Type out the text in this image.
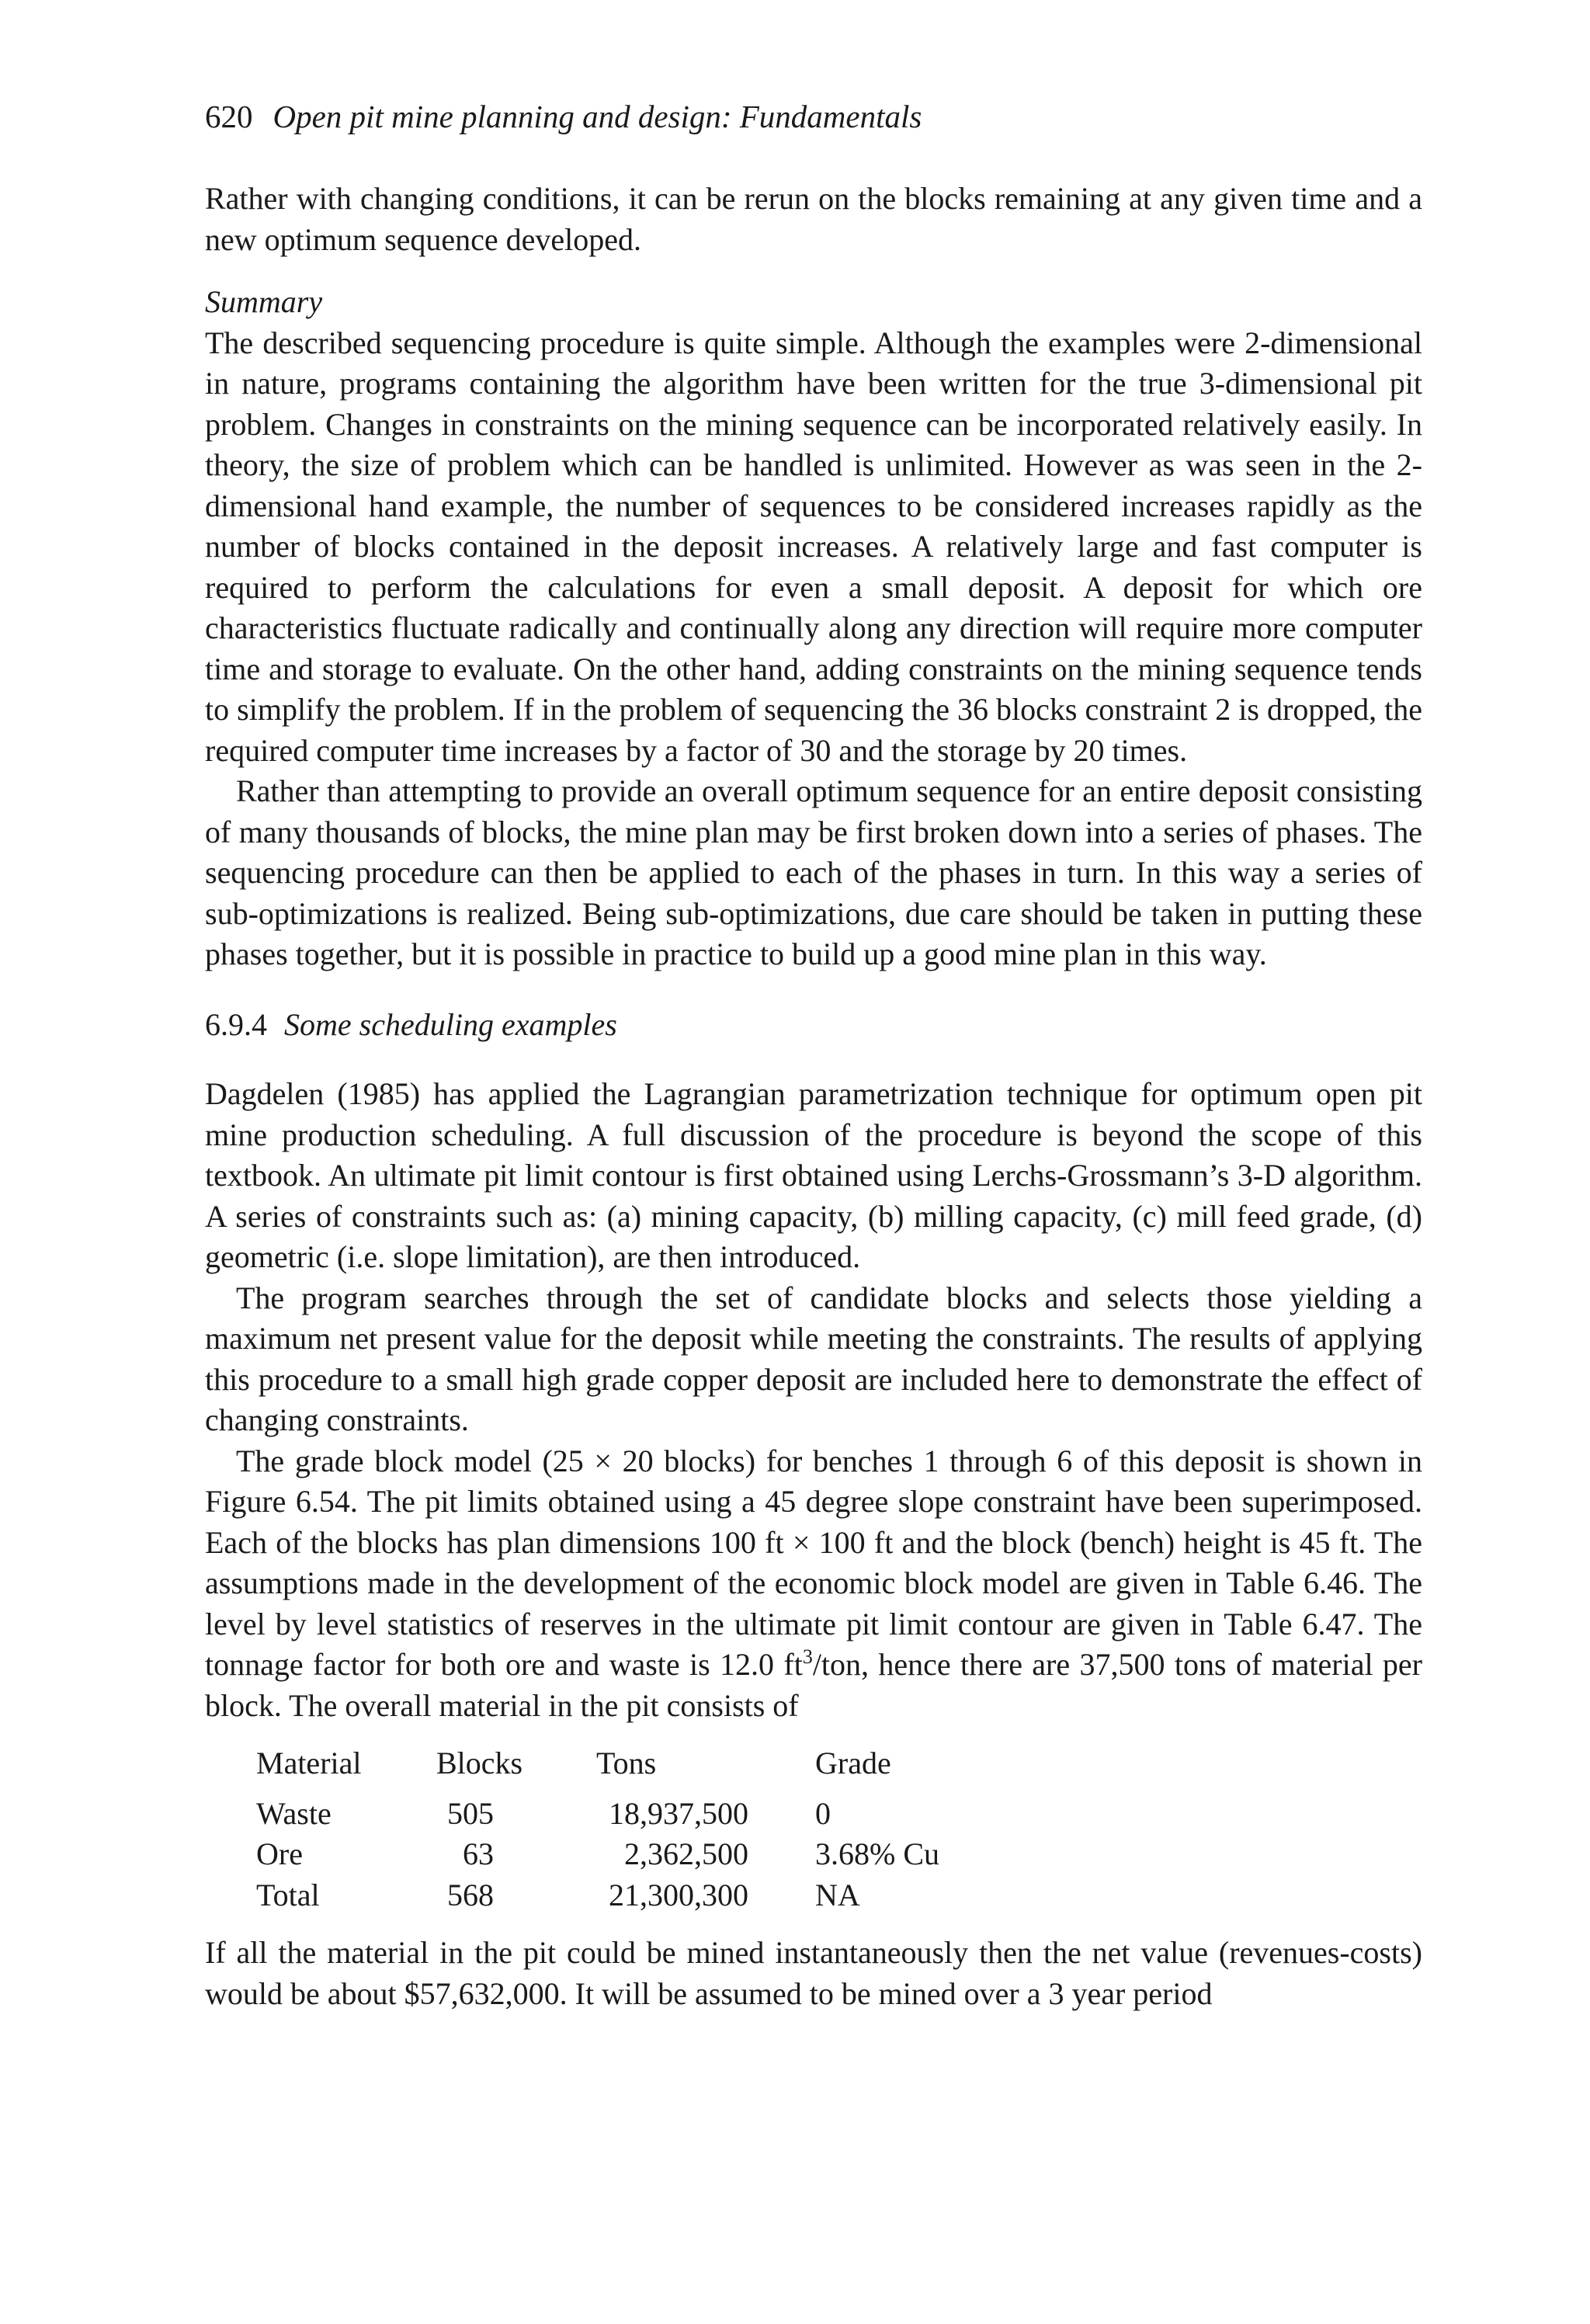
620 Open pit mine planning and design: Fundamentals

Rather with changing conditions, it can be rerun on the blocks remaining at any given time and a new optimum sequence developed.

Summary

The described sequencing procedure is quite simple. Although the examples were 2-dimensional in nature, programs containing the algorithm have been written for the true 3-dimensional pit problem. Changes in constraints on the mining sequence can be incorporated relatively easily. In theory, the size of problem which can be handled is unlimited. However as was seen in the 2-dimensional hand example, the number of sequences to be considered increases rapidly as the number of blocks contained in the deposit increases. A relatively large and fast computer is required to perform the calculations for even a small deposit. A deposit for which ore characteristics fluctuate radically and continually along any direction will require more computer time and storage to evaluate. On the other hand, adding constraints on the mining sequence tends to simplify the problem. If in the problem of sequencing the 36 blocks constraint 2 is dropped, the required computer time increases by a factor of 30 and the storage by 20 times.

Rather than attempting to provide an overall optimum sequence for an entire deposit consisting of many thousands of blocks, the mine plan may be first broken down into a series of phases. The sequencing procedure can then be applied to each of the phases in turn. In this way a series of sub-optimizations is realized. Being sub-optimizations, due care should be taken in putting these phases together, but it is possible in practice to build up a good mine plan in this way.

6.9.4 Some scheduling examples

Dagdelen (1985) has applied the Lagrangian parametrization technique for optimum open pit mine production scheduling. A full discussion of the procedure is beyond the scope of this textbook. An ultimate pit limit contour is first obtained using Lerchs-Grossmann’s 3-D algorithm. A series of constraints such as: (a) mining capacity, (b) milling capacity, (c) mill feed grade, (d) geometric (i.e. slope limitation), are then introduced.

The program searches through the set of candidate blocks and selects those yielding a maximum net present value for the deposit while meeting the constraints. The results of applying this procedure to a small high grade copper deposit are included here to demonstrate the effect of changing constraints.

The grade block model (25 × 20 blocks) for benches 1 through 6 of this deposit is shown in Figure 6.54. The pit limits obtained using a 45 degree slope constraint have been superimposed. Each of the blocks has plan dimensions 100 ft × 100 ft and the block (bench) height is 45 ft. The assumptions made in the development of the economic block model are given in Table 6.46. The level by level statistics of reserves in the ultimate pit limit contour are given in Table 6.47. The tonnage factor for both ore and waste is 12.0 $ft^3$/ton, hence there are 37,500 tons of material per block. The overall material in the pit consists of

Material	Blocks	Tons	Grade
Waste	505	18,937,500	0
Ore	63	2,362,500	3.68% Cu
Total	568	21,300,300	NA

If all the material in the pit could be mined instantaneously then the net value (revenues-costs) would be about $57,632,000. It will be assumed to be mined over a 3 year period
